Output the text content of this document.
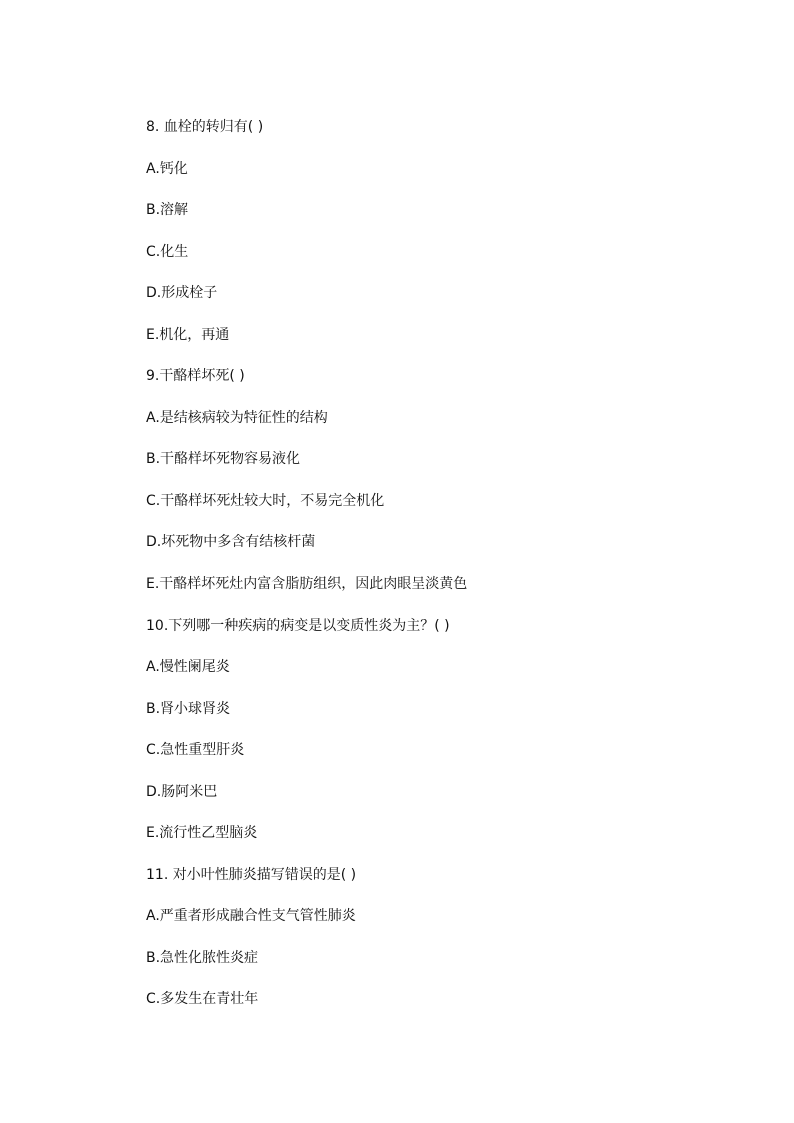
8. 血栓的转归有( )
A.钙化
B.溶解
C.化生
D.形成栓子
E.机化，再通
9.干酪样坏死( )
A.是结核病较为特征性的结构
B.干酪样坏死物容易液化
C.干酪样坏死灶较大时，不易完全机化
D.坏死物中多含有结核杆菌
E.干酪样坏死灶内富含脂肪组织，因此肉眼呈淡黄色
10.下列哪一种疾病的病变是以变质性炎为主？( )
A.慢性阑尾炎
B.肾小球肾炎
C.急性重型肝炎
D.肠阿米巴
E.流行性乙型脑炎
11. 对小叶性肺炎描写错误的是( )
A.严重者形成融合性支气管性肺炎
B.急性化脓性炎症
C.多发生在青壮年
